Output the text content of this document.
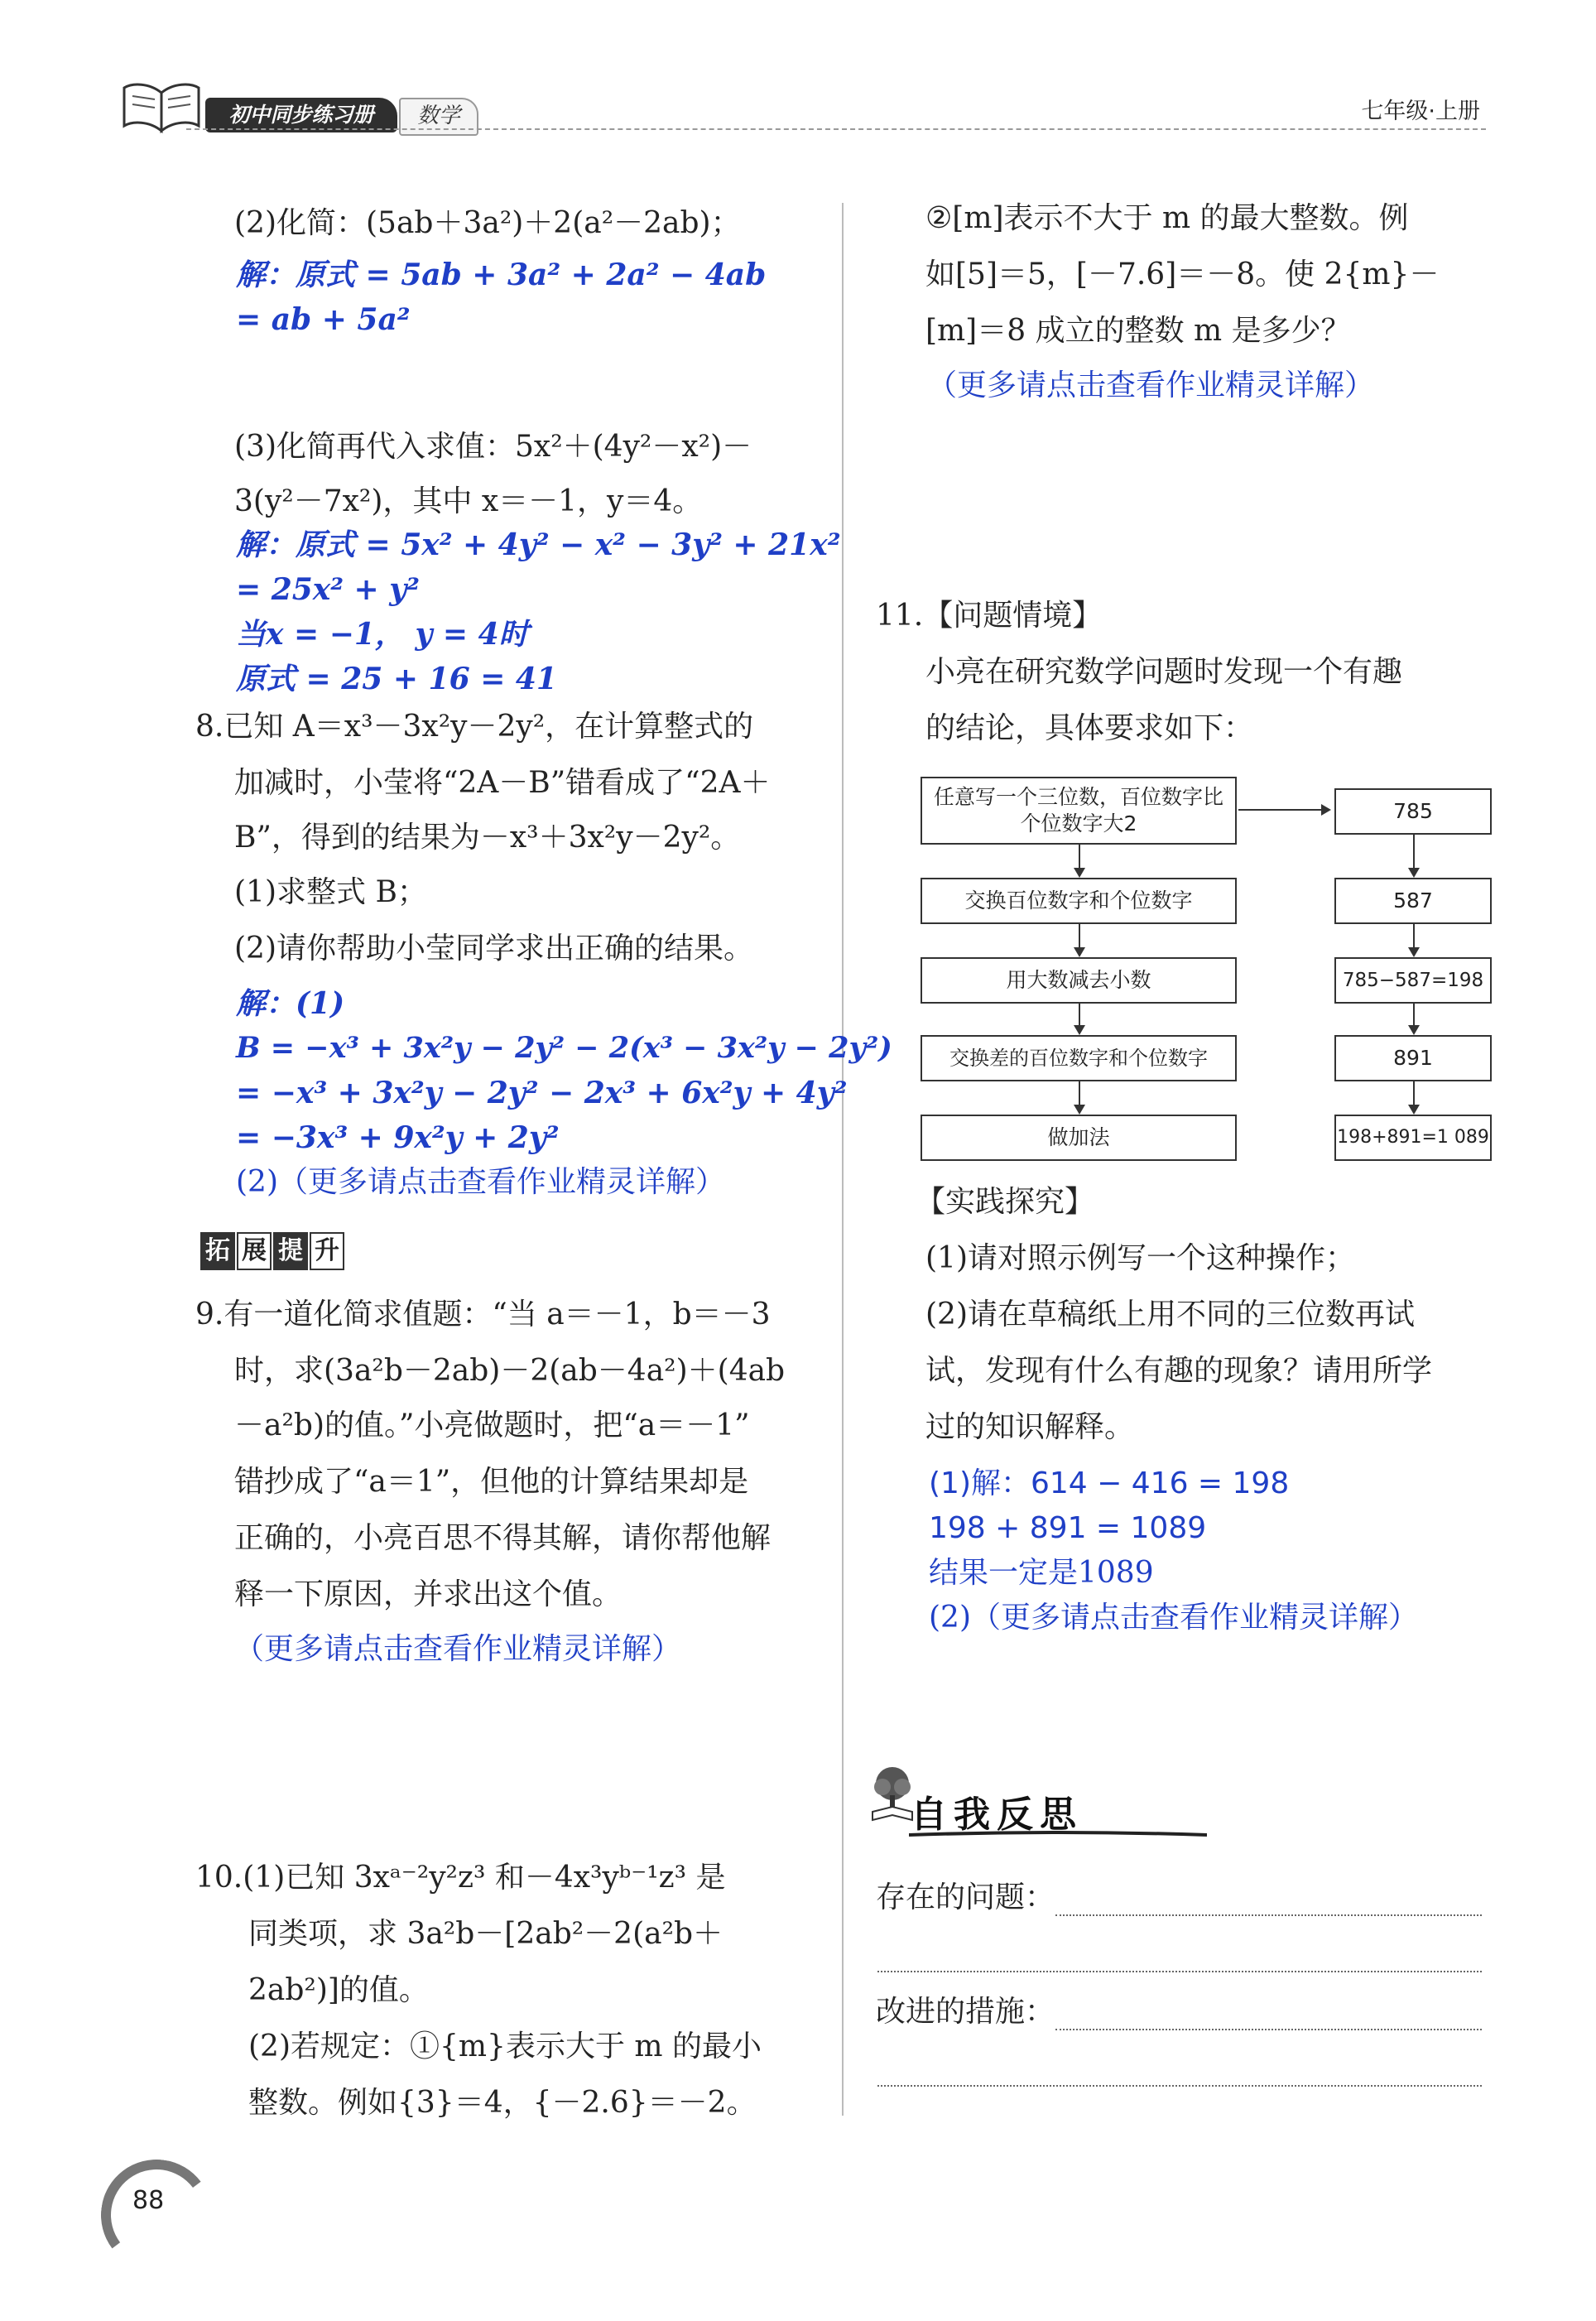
初中同步练习册	数学	七年级·上册
(2)化简：(5ab＋3a²)＋2(a²－2ab)；
解：原式 = 5ab + 3a² + 2a² − 4ab
= ab + 5a²
(3)化简再代入求值：5x²＋(4y²－x²)－
3(y²－7x²)，其中 x＝－1，y＝4。
解：原式 = 5x² + 4y² − x² − 3y² + 21x²
= 25x² + y²
当x = −1， y = 4时
原式 = 25 + 16 = 41
8.已知 A＝x³－3x²y－2y²，在计算整式的
加减时，小莹将“2A－B”错看成了“2A＋
B”，得到的结果为－x³＋3x²y－2y²。
(1)求整式 B；
(2)请你帮助小莹同学求出正确的结果。
解：(1)
B = −x³ + 3x²y − 2y² − 2(x³ − 3x²y − 2y²)
= −x³ + 3x²y − 2y² − 2x³ + 6x²y + 4y²
= −3x³ + 9x²y + 2y²
(2)（更多请点击查看作业精灵详解）
拓 展 提 升
9.有一道化简求值题：“当 a＝－1，b＝－3
时，求(3a²b－2ab)－2(ab－4a²)＋(4ab
－a²b)的值。”小亮做题时，把“a＝－1”
错抄成了“a＝1”，但他的计算结果却是
正确的，小亮百思不得其解，请你帮他解
释一下原因，并求出这个值。
（更多请点击查看作业精灵详解）
10.(1)已知 3xᵃ⁻²y²z³ 和－4x³yᵇ⁻¹z³ 是
同类项，求 3a²b－[2ab²－2(a²b＋
2ab²)]的值。
(2)若规定：①{m}表示大于 m 的最小
整数。例如{3}＝4，{－2.6}＝－2。
②[m]表示不大于 m 的最大整数。例
如[5]＝5，[－7.6]＝－8。使 2{m}－
[m]＝8 成立的整数 m 是多少？
（更多请点击查看作业精灵详解）
11.【问题情境】
小亮在研究数学问题时发现一个有趣
的结论，具体要求如下：
任意写一个三位数，百位数字比个位数字大2
交换百位数字和个位数字
用大数减去小数
交换差的百位数字和个位数字
做加法
785
587
785−587=198
891
198+891=1 089
【实践探究】
(1)请对照示例写一个这种操作；
(2)请在草稿纸上用不同的三位数再试
试，发现有什么有趣的现象？请用所学
过的知识解释。
(1)解：614 − 416 = 198
198 + 891 = 1089
结果一定是1089
(2)（更多请点击查看作业精灵详解）
自我反思
存在的问题：
改进的措施：
88
